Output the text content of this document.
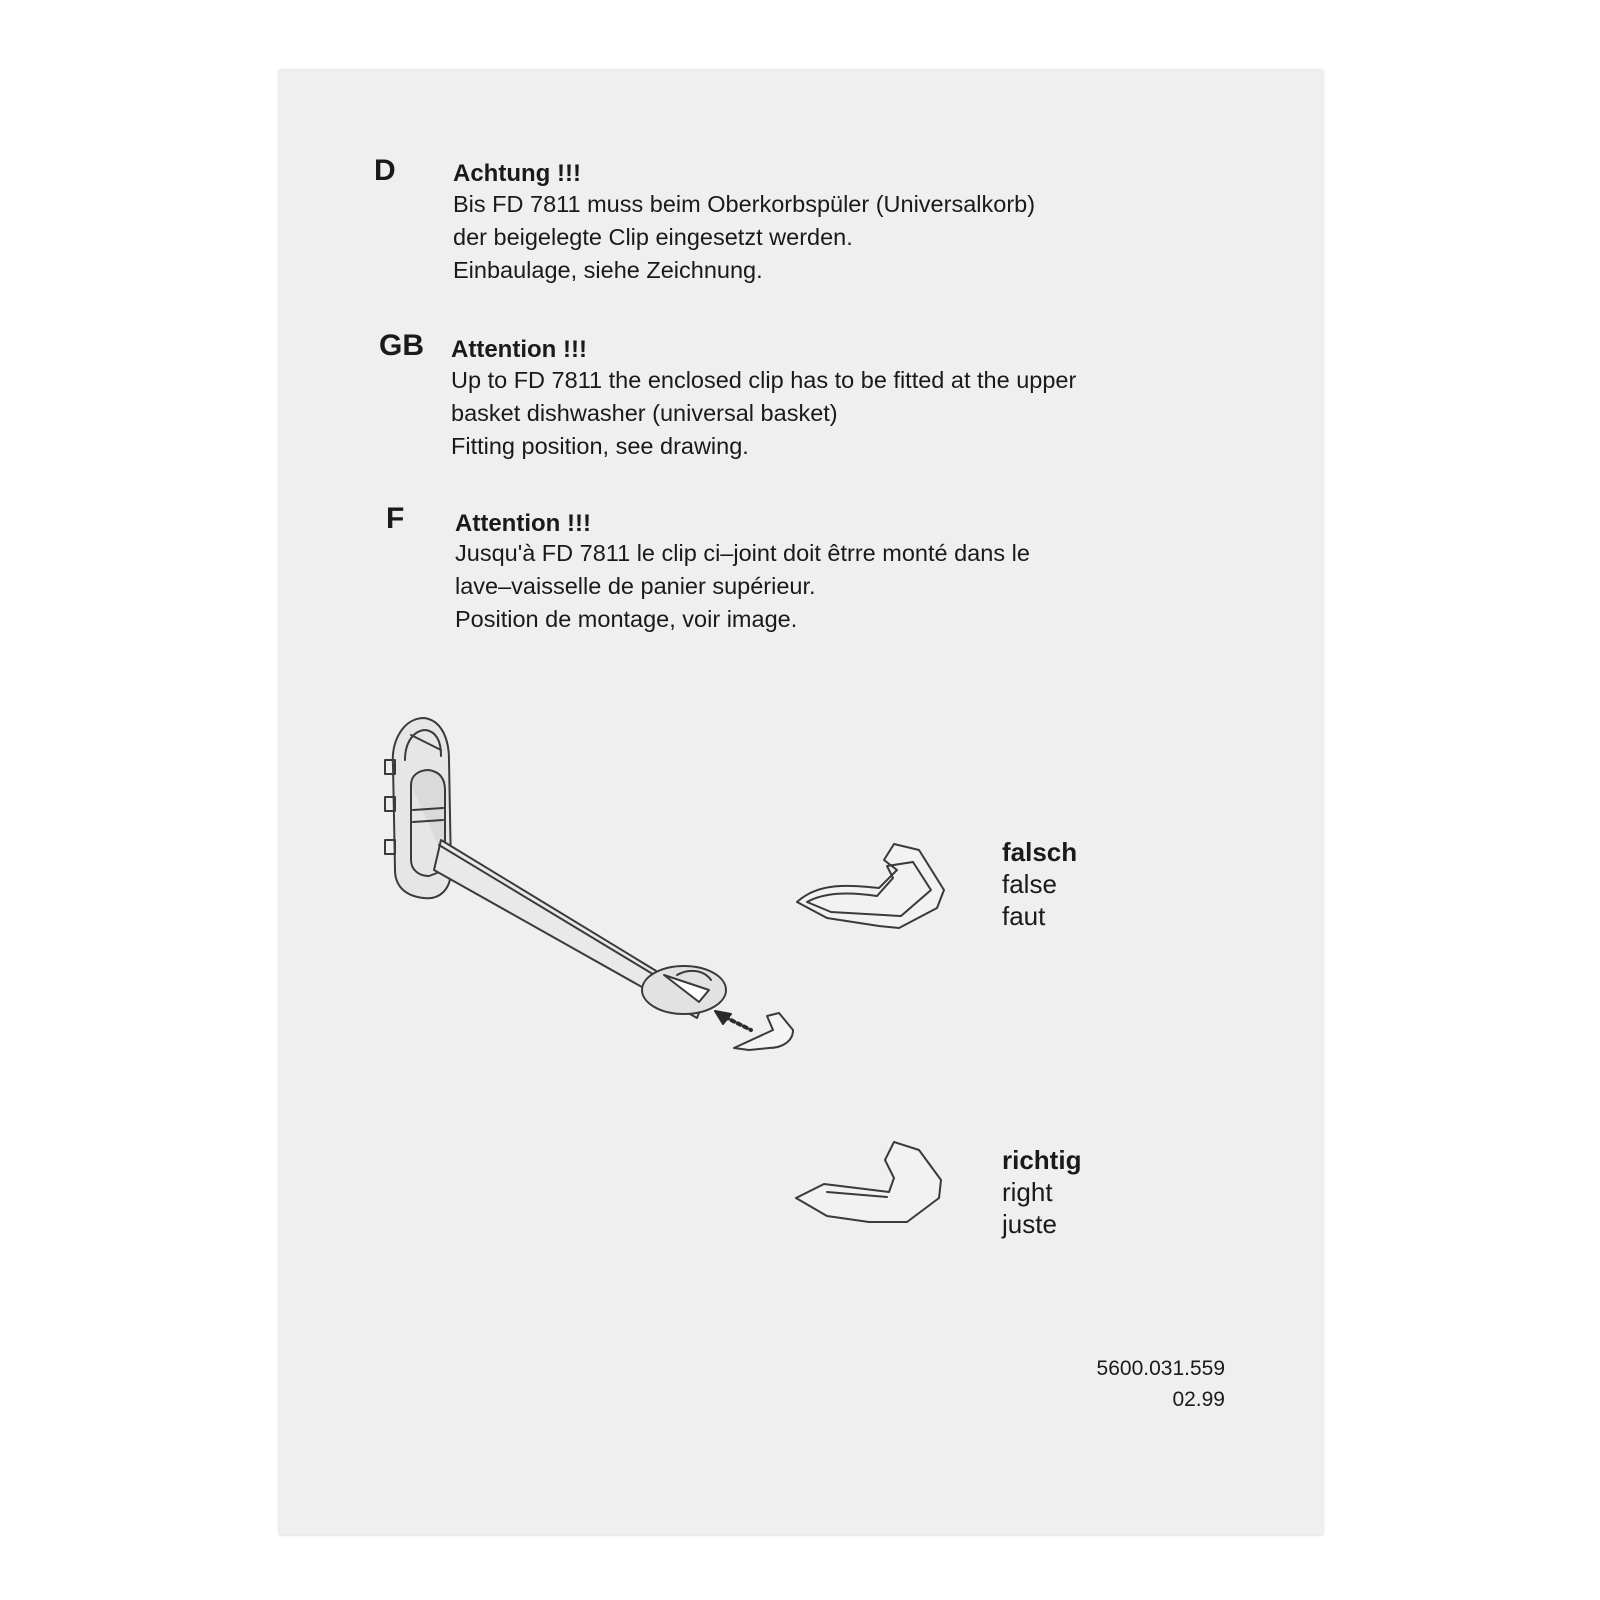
D Achtung !!!
Bis FD 7811 muss beim Oberkorbspüler (Universalkorb)
der beigelegte Clip eingesetzt werden.
Einbaulage, siehe Zeichnung.
GB Attention !!!
Up to FD 7811 the enclosed clip has to be fitted at the upper
basket dishwasher (universal basket)
Fitting position, see drawing.
F Attention !!!
Jusqu'à FD 7811 le clip ci–joint doit êtrre monté dans le
lave–vaisselle de panier supérieur.
Position de montage, voir image.
falsch
false
faut
richtig
right
juste
5600.031.559
02.99
